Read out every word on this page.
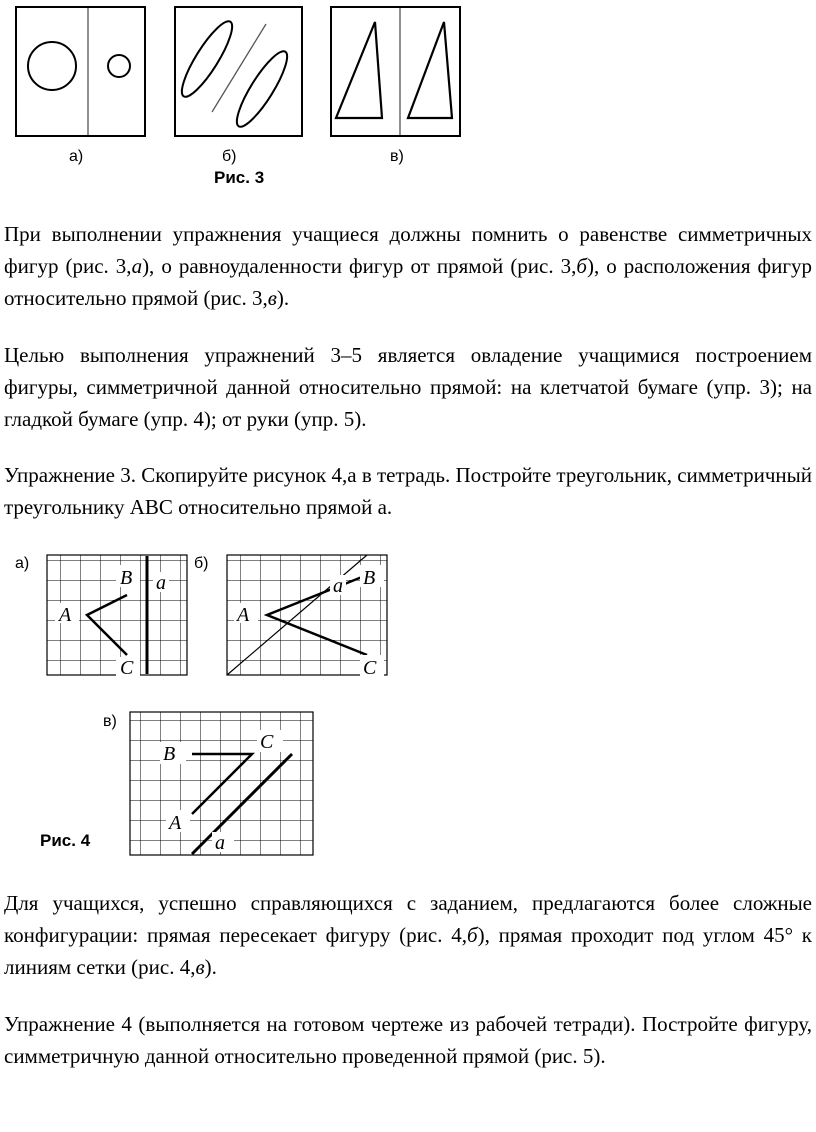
а)	б)	в)
Рис. 3

При выполнении упражнения учащиеся должны помнить о равенстве симметричных фигур (рис. 3,а), о равноудаленности фигур от прямой (рис. 3,б), о расположения фигур относительно прямой (рис. 3,в).

Целью выполнения упражнений 3–5 является овладение учащимися построением фигуры, симметричной данной относительно прямой: на клетчатой бумаге (упр. 3); на гладкой бумаге (упр. 4); от руки (упр. 5).

Упражнение 3. Скопируйте рисунок 4,а в тетрадь. Постройте треугольник, симметричный треугольнику АВС относительно прямой а.

а)
A
B
C
a
б)
A
B
C
a
в)
B
C
A
a
Рис. 4

Для учащихся, успешно справляющихся с заданием, предлагаются более сложные конфигурации: прямая пересекает фигуру (рис. 4,б), прямая проходит под углом 45° к линиям сетки (рис. 4,в).

Упражнение 4 (выполняется на готовом чертеже из рабочей тетради). Постройте фигуру, симметричную данной относительно проведенной прямой (рис. 5).
